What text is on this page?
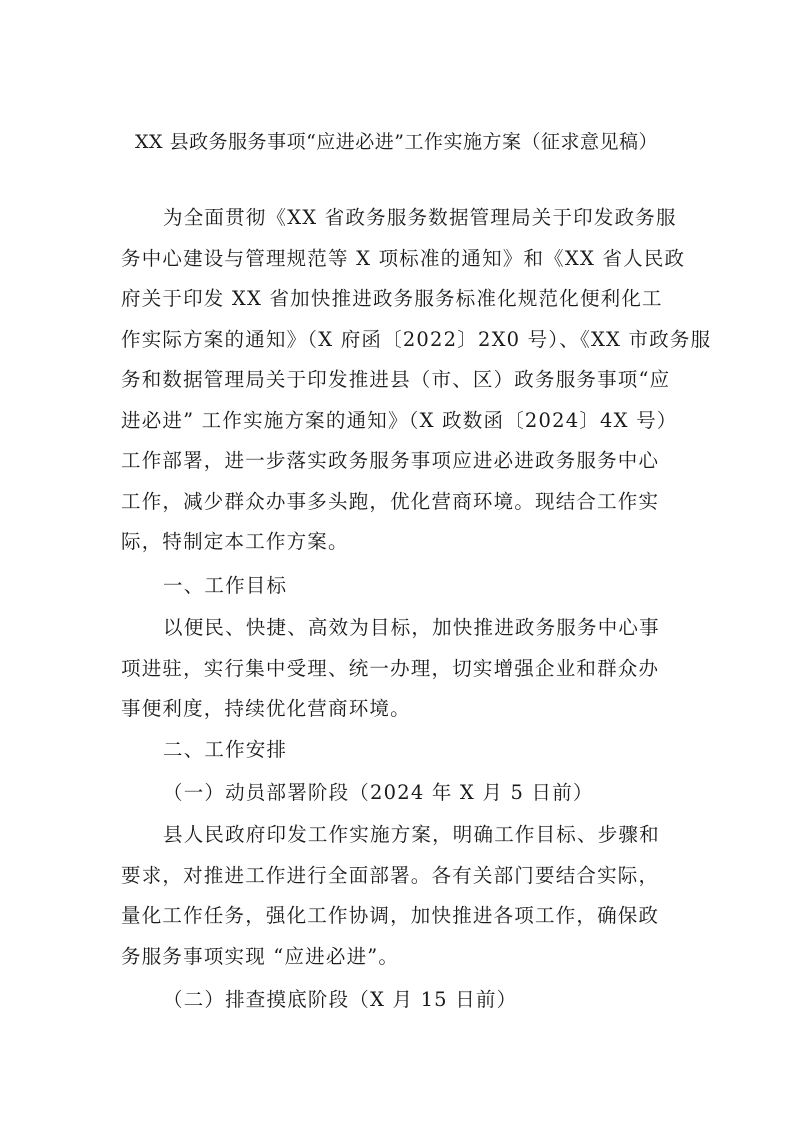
XX 县政务服务事项“应进必进”工作实施方案（征求意见稿）
为全面贯彻《XX 省政务服务数据管理局关于印发政务服
务中心建设与管理规范等 X 项标准的通知》和《XX 省人民政
府关于印发 XX 省加快推进政务服务标准化规范化便利化工
作实际方案的通知》（X 府函〔2022〕2X0 号）、《XX 市政务服
务和数据管理局关于印发推进县（市、区）政务服务事项“应
进必进” 工作实施方案的通知》（X 政数函〔2024〕4X 号）
工作部署，进一步落实政务服务事项应进必进政务服务中心
工作，减少群众办事多头跑，优化营商环境。现结合工作实
际，特制定本工作方案。
一、工作目标
以便民、快捷、高效为目标，加快推进政务服务中心事
项进驻，实行集中受理、统一办理，切实增强企业和群众办
事便利度，持续优化营商环境。
二、工作安排
（一）动员部署阶段（2024 年 X 月 5 日前）
县人民政府印发工作实施方案，明确工作目标、步骤和
要求，对推进工作进行全面部署。各有关部门要结合实际，
量化工作任务，强化工作协调，加快推进各项工作，确保政
务服务事项实现 “应进必进”。
（二）排查摸底阶段（X 月 15 日前）
